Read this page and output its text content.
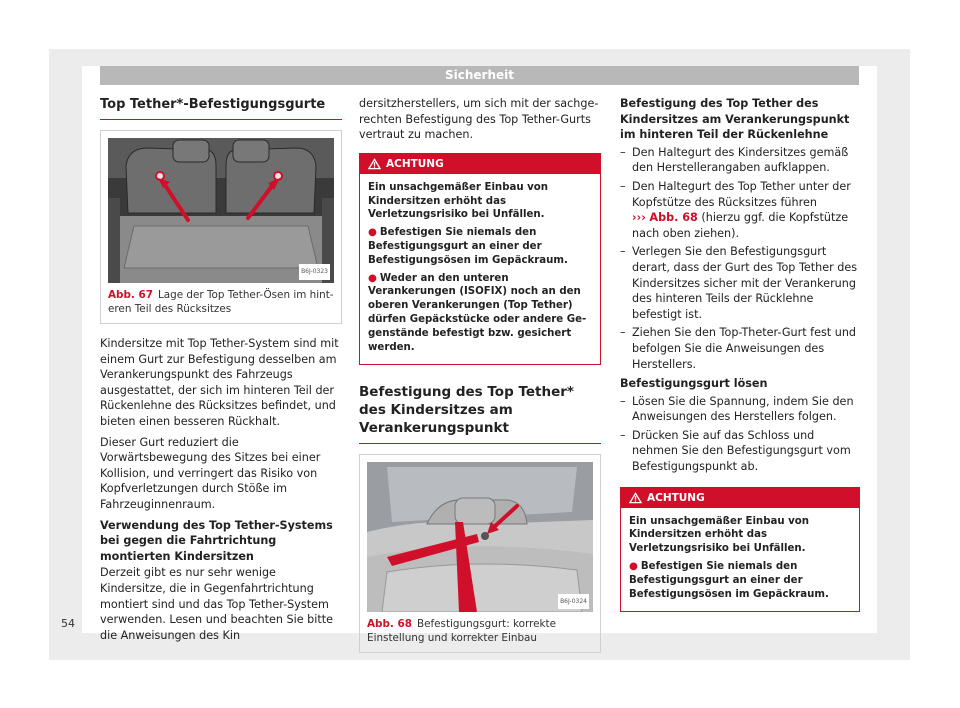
Sicherheit
Top Tether*-Befestigungsgurte
B6J-0323
Abb. 67 Lage der Top Tether-Ösen im hinteren Teil des Rücksitzes

Kindersitze mit Top Tether-System sind mit einem Gurt zur Befestigung desselben am Verankerungspunkt des Fahrzeugs ausgestattet, der sich im hinteren Teil der Rückenlehne des Rücksitzes befindet, und bieten einen besseren Rückhalt.

Dieser Gurt reduziert die Vorwärtsbewegung des Sitzes bei einer Kollision, und verringert das Risiko von Kopfverletzungen durch Stöße im Fahrzeuginnenraum.

Verwendung des Top Tether-Systems bei gegen die Fahrtrichtung montierten Kindersitzen

Derzeit gibt es nur sehr wenige Kindersitze, die in Gegenfahrtrichtung montiert sind und das Top Tether-System verwenden. Lesen und beachten Sie bitte die Anweisungen des Kin

dersitzherstellers, um sich mit der sachgerechten Befestigung des Top Tether-Gurts vertraut zu machen.

ACHTUNG

Ein unsachgemäßer Einbau von Kindersitzen erhöht das Verletzungsrisiko bei Unfällen.

● Befestigen Sie niemals den Befestigungsgurt an einer der Befestigungsösen im Gepäckraum.

● Weder an den unteren Verankerungen (ISOFIX) noch an den oberen Verankerungen (Top Tether) dürfen Gepäckstücke oder andere Gegenstände befestigt bzw. gesichert werden.

Befestigung des Top Tether* des Kindersitzes am Verankerungspunkt
B6J-0324
Abb. 68 Befestigungsgurt: korrekte Einstellung und korrekter Einbau

Befestigung des Top Tether des Kindersitzes am Verankerungspunkt im hinteren Teil der Rückenlehne

– Den Haltegurt des Kindersitzes gemäß den Herstellerangaben aufklappen.
– Den Haltegurt des Top Tether unter der Kopfstütze des Rücksitzes führen
››› Abb. 68 (hierzu ggf. die Kopfstütze nach oben ziehen).
– Verlegen Sie den Befestigungsgurt derart, dass der Gurt des Top Tether des Kindersitzes sicher mit der Verankerung des hinteren Teils der Rücklehne befestigt ist.
– Ziehen Sie den Top-Theter-Gurt fest und befolgen Sie die Anweisungen des Herstellers.

Befestigungsgurt lösen

– Lösen Sie die Spannung, indem Sie den Anweisungen des Herstellers folgen.
– Drücken Sie auf das Schloss und nehmen Sie den Befestigungsgurt vom Befestigungspunkt ab.
ACHTUNG

Ein unsachgemäßer Einbau von Kindersitzen erhöht das Verletzungsrisiko bei Unfällen.

● Befestigen Sie niemals den Befestigungsgurt an einer der Befestigungsösen im Gepäckraum.

54
